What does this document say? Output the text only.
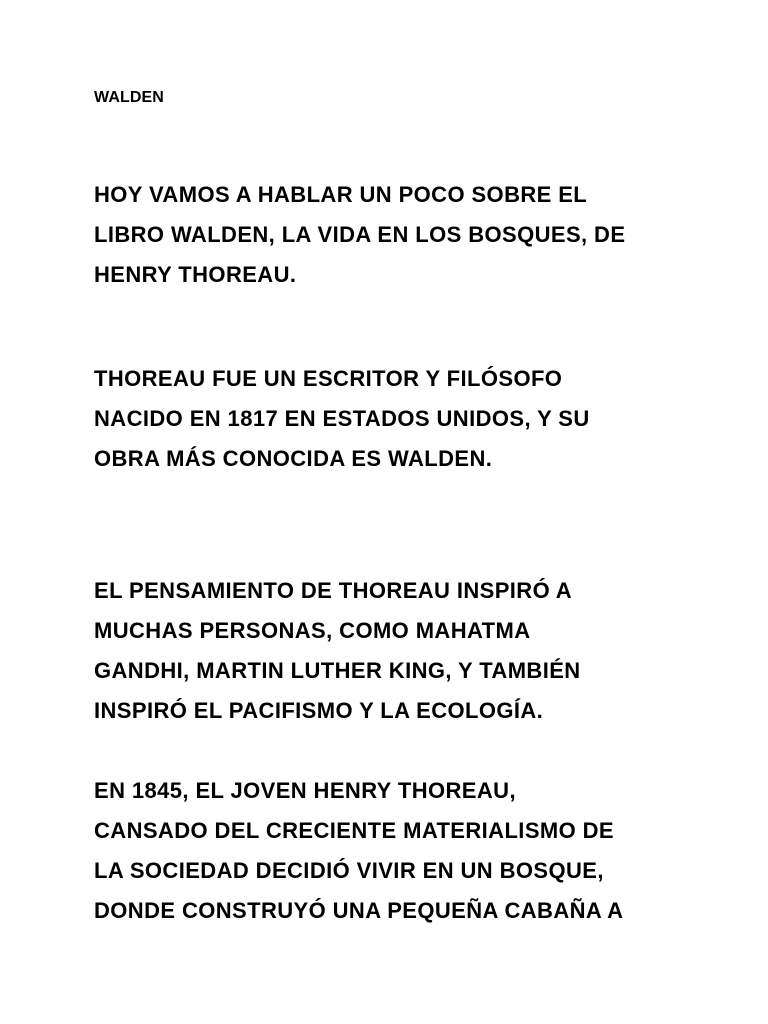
WALDEN

HOY VAMOS A HABLAR UN POCO SOBRE EL
LIBRO WALDEN, LA VIDA EN LOS BOSQUES, DE
HENRY THOREAU.

THOREAU FUE UN ESCRITOR Y FILÓSOFO
NACIDO EN 1817 EN ESTADOS UNIDOS, Y SU
OBRA MÁS CONOCIDA ES WALDEN.

EL PENSAMIENTO DE THOREAU INSPIRÓ A
MUCHAS PERSONAS, COMO MAHATMA
GANDHI, MARTIN LUTHER KING, Y TAMBIÉN
INSPIRÓ EL PACIFISMO Y LA ECOLOGÍA.

EN 1845, EL JOVEN HENRY THOREAU,
CANSADO DEL CRECIENTE MATERIALISMO DE
LA SOCIEDAD DECIDIÓ VIVIR EN UN BOSQUE,
DONDE CONSTRUYÓ UNA PEQUEÑA CABAÑA A
